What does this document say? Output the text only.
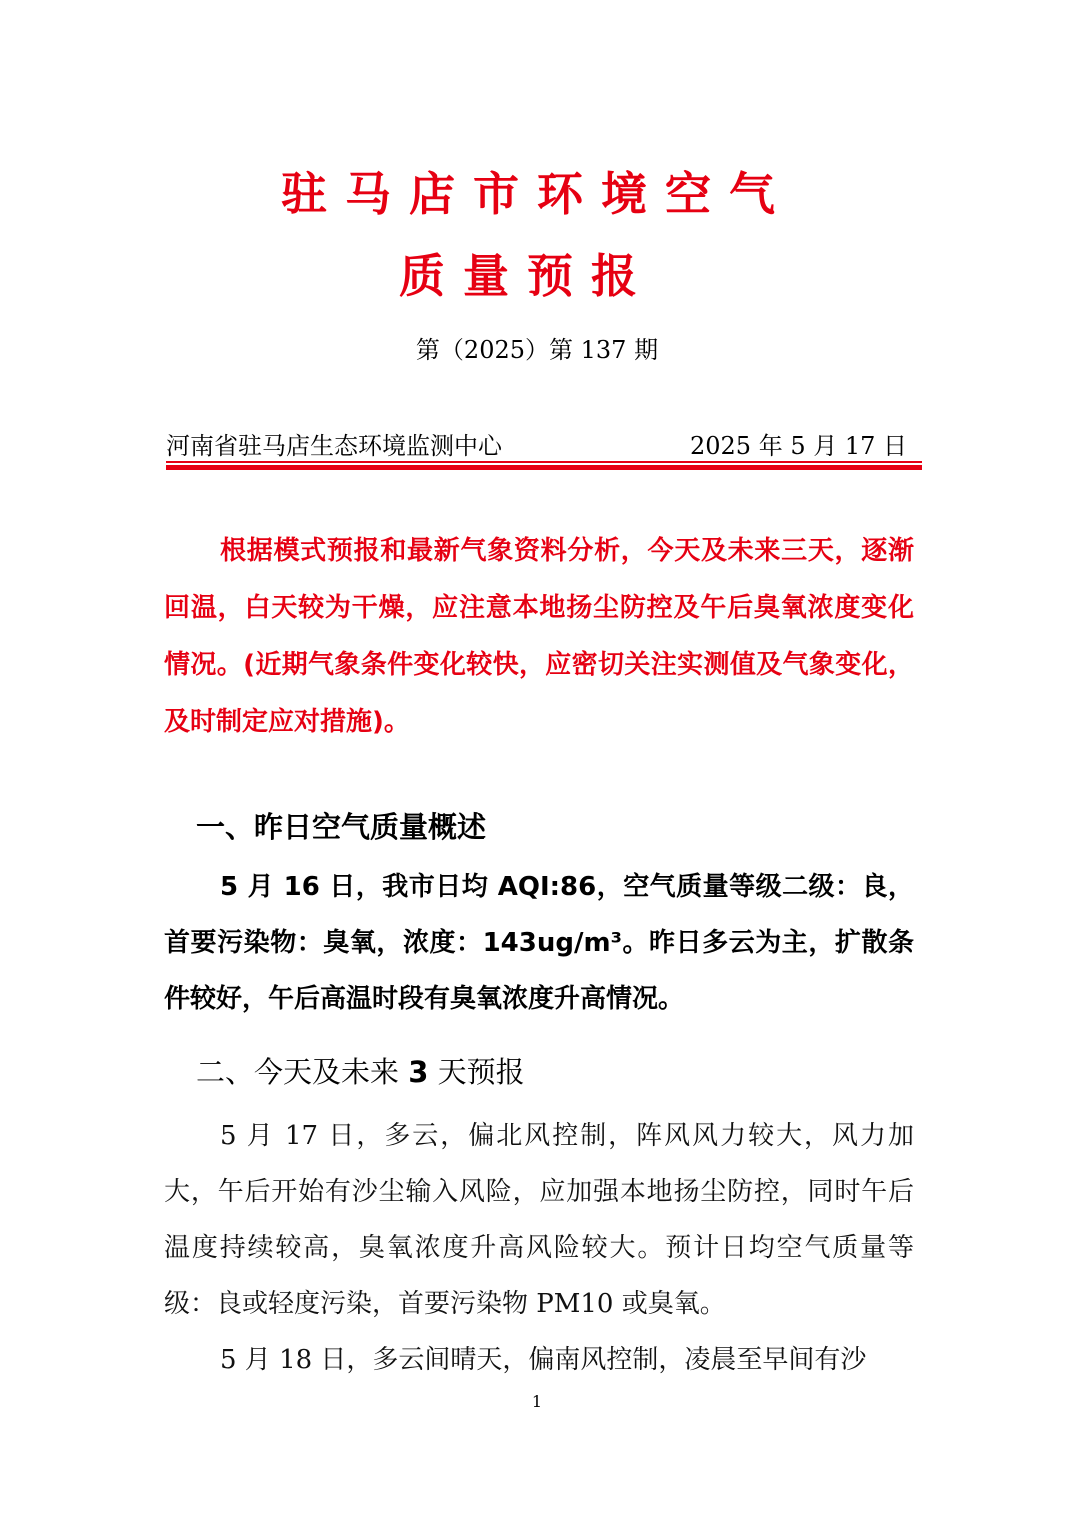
驻马店市环境空气
质量预报
第（2025）第 137 期
河南省驻马店生态环境监测中心	2025 年 5 月 17 日
根据模式预报和最新气象资料分析，今天及未来三天，逐渐回温，白天较为干燥，应注意本地扬尘防控及午后臭氧浓度变化情况。(近期气象条件变化较快，应密切关注实测值及气象变化，及时制定应对措施)。
一、昨日空气质量概述
5 月 16 日，我市日均 AQI:86，空气质量等级二级：良，首要污染物：臭氧，浓度：143ug/m³。昨日多云为主，扩散条件较好，午后高温时段有臭氧浓度升高情况。
二、今天及未来 3 天预报
5 月 17 日，多云，偏北风控制，阵风风力较大，风力加大，午后开始有沙尘输入风险，应加强本地扬尘防控，同时午后温度持续较高，臭氧浓度升高风险较大。预计日均空气质量等级：良或轻度污染，首要污染物 PM10 或臭氧。
5 月 18 日，多云间晴天，偏南风控制，凌晨至早间有沙
1
